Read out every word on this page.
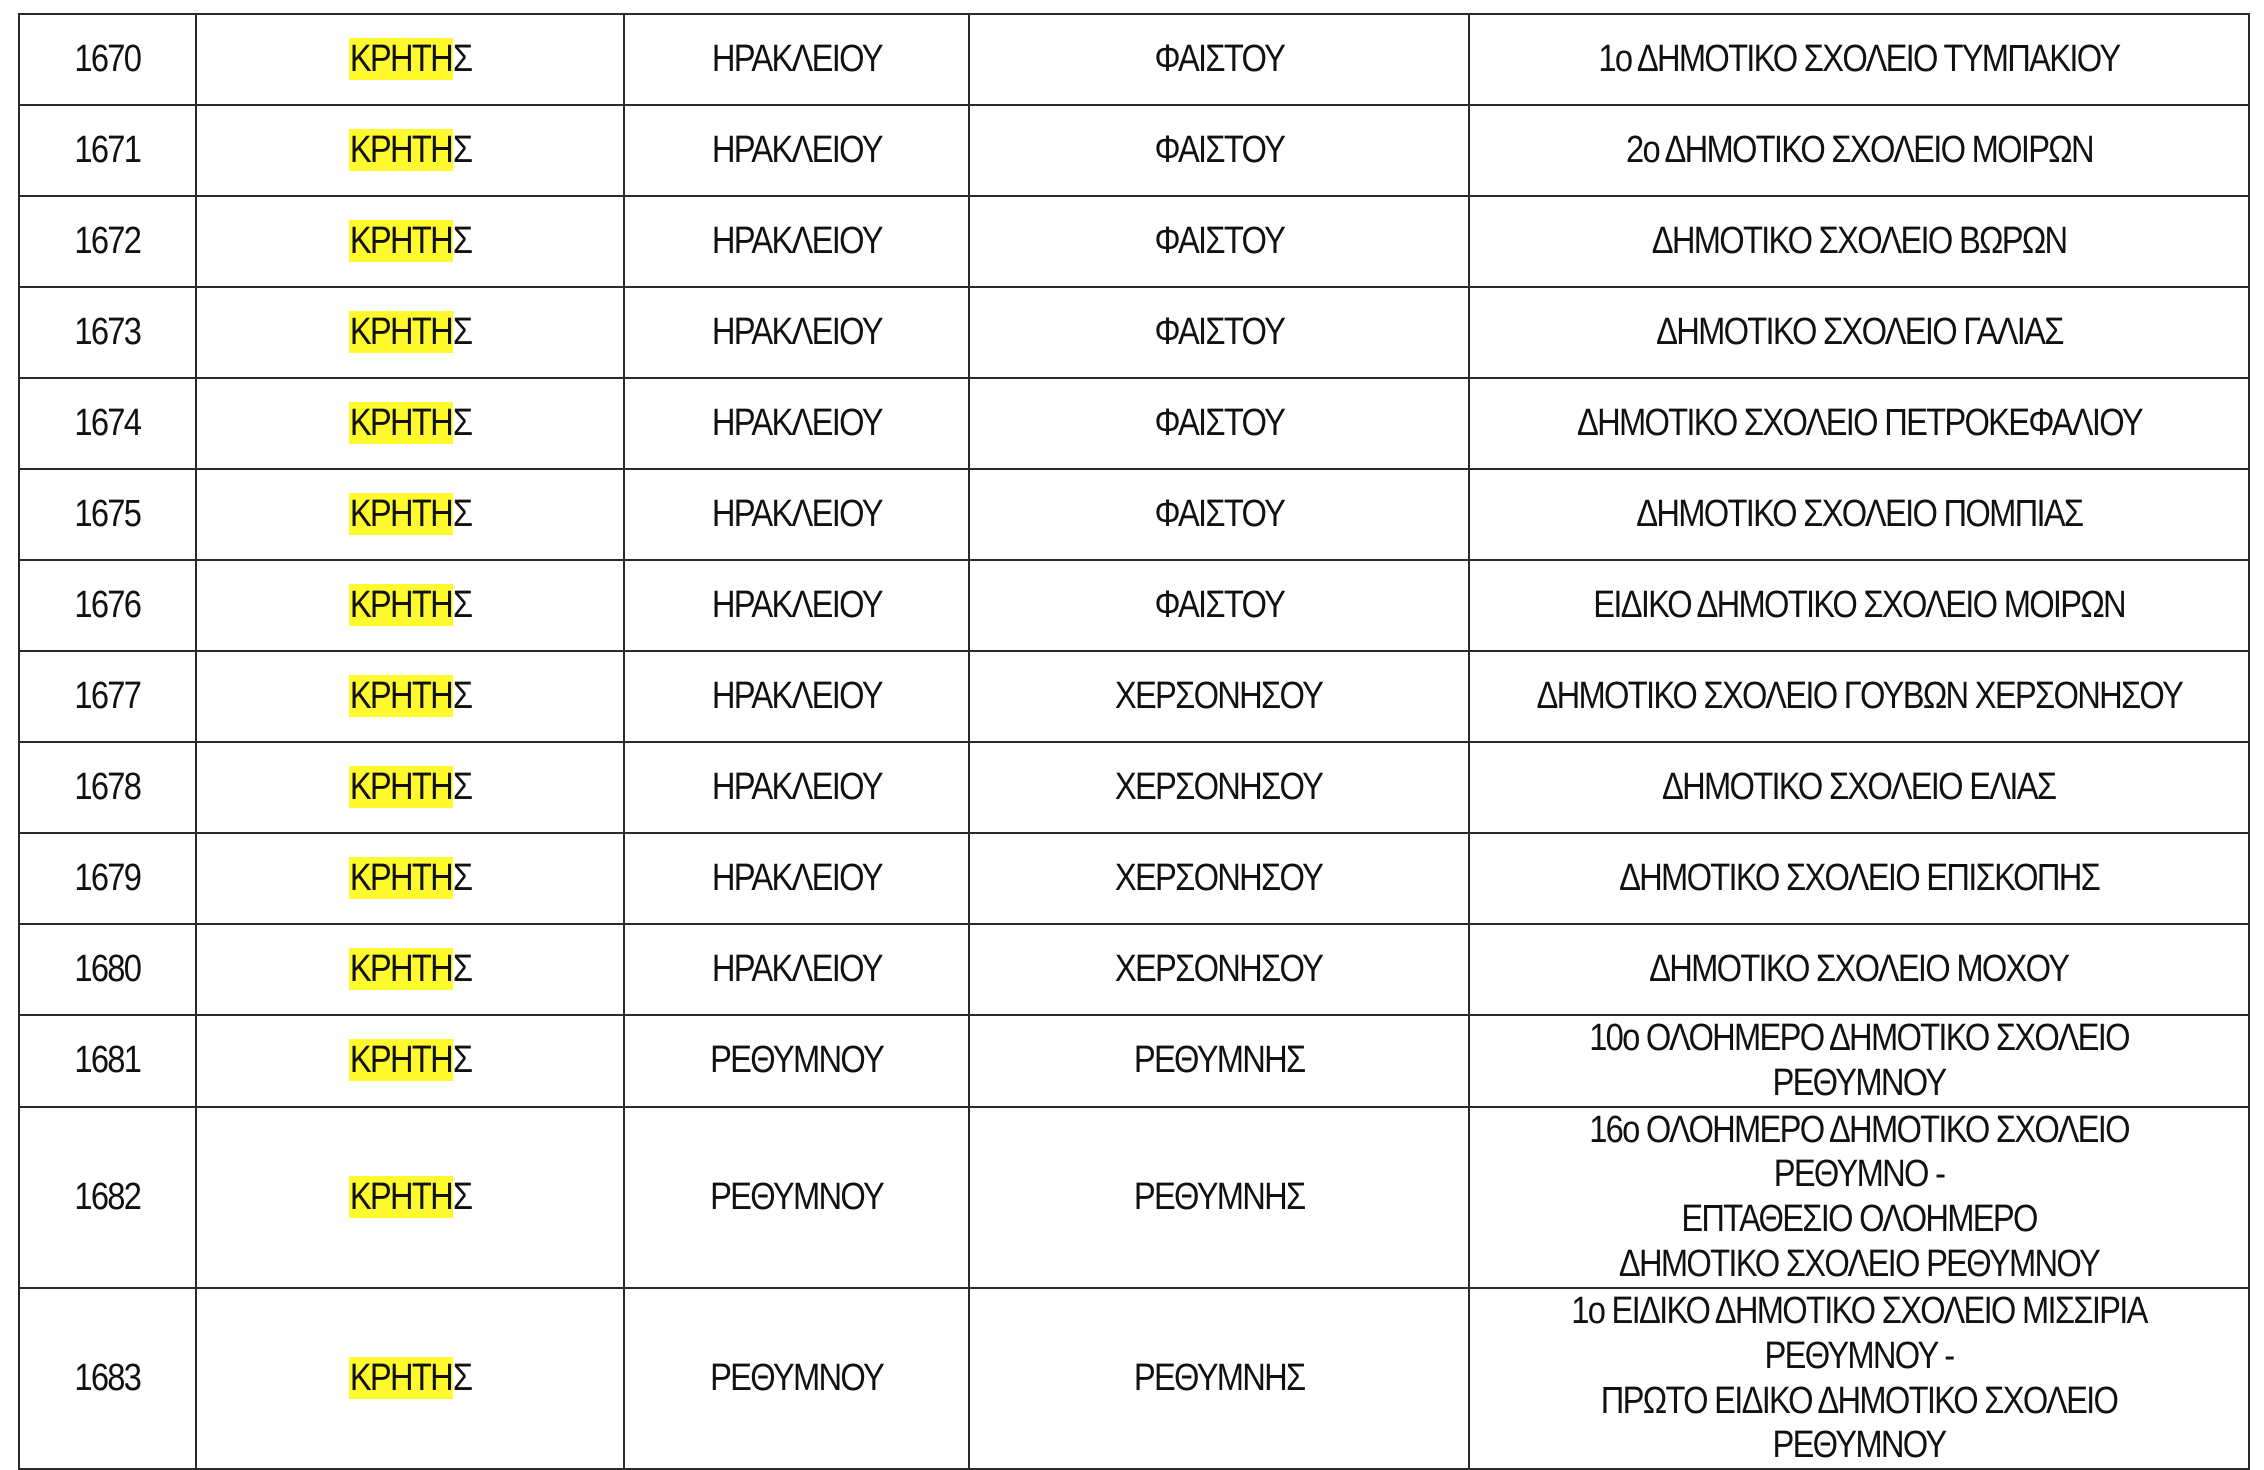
1670	ΚΡΗΤΗΣ	ΗΡΑΚΛΕΙΟΥ	ΦΑΙΣΤΟΥ	1ο ΔΗΜΟΤΙΚΟ ΣΧΟΛΕΙΟ ΤΥΜΠΑΚΙΟΥ
1671	ΚΡΗΤΗΣ	ΗΡΑΚΛΕΙΟΥ	ΦΑΙΣΤΟΥ	2ο ΔΗΜΟΤΙΚΟ ΣΧΟΛΕΙΟ ΜΟΙΡΩΝ
1672	ΚΡΗΤΗΣ	ΗΡΑΚΛΕΙΟΥ	ΦΑΙΣΤΟΥ	ΔΗΜΟΤΙΚΟ ΣΧΟΛΕΙΟ ΒΩΡΩΝ
1673	ΚΡΗΤΗΣ	ΗΡΑΚΛΕΙΟΥ	ΦΑΙΣΤΟΥ	ΔΗΜΟΤΙΚΟ ΣΧΟΛΕΙΟ ΓΑΛΙΑΣ
1674	ΚΡΗΤΗΣ	ΗΡΑΚΛΕΙΟΥ	ΦΑΙΣΤΟΥ	ΔΗΜΟΤΙΚΟ ΣΧΟΛΕΙΟ ΠΕΤΡΟΚΕΦΑΛΙΟΥ
1675	ΚΡΗΤΗΣ	ΗΡΑΚΛΕΙΟΥ	ΦΑΙΣΤΟΥ	ΔΗΜΟΤΙΚΟ ΣΧΟΛΕΙΟ ΠΟΜΠΙΑΣ
1676	ΚΡΗΤΗΣ	ΗΡΑΚΛΕΙΟΥ	ΦΑΙΣΤΟΥ	ΕΙΔΙΚΟ ΔΗΜΟΤΙΚΟ ΣΧΟΛΕΙΟ ΜΟΙΡΩΝ
1677	ΚΡΗΤΗΣ	ΗΡΑΚΛΕΙΟΥ	ΧΕΡΣΟΝΗΣΟΥ	ΔΗΜΟΤΙΚΟ ΣΧΟΛΕΙΟ ΓΟΥΒΩΝ ΧΕΡΣΟΝΗΣΟΥ
1678	ΚΡΗΤΗΣ	ΗΡΑΚΛΕΙΟΥ	ΧΕΡΣΟΝΗΣΟΥ	ΔΗΜΟΤΙΚΟ ΣΧΟΛΕΙΟ ΕΛΙΑΣ
1679	ΚΡΗΤΗΣ	ΗΡΑΚΛΕΙΟΥ	ΧΕΡΣΟΝΗΣΟΥ	ΔΗΜΟΤΙΚΟ ΣΧΟΛΕΙΟ ΕΠΙΣΚΟΠΗΣ
1680	ΚΡΗΤΗΣ	ΗΡΑΚΛΕΙΟΥ	ΧΕΡΣΟΝΗΣΟΥ	ΔΗΜΟΤΙΚΟ ΣΧΟΛΕΙΟ ΜΟΧΟΥ
1681	ΚΡΗΤΗΣ	ΡΕΘΥΜΝΟΥ	ΡΕΘΥΜΝΗΣ	10ο ΟΛΟΗΜΕΡΟ ΔΗΜΟΤΙΚΟ ΣΧΟΛΕΙΟ ΡΕΘΥΜΝΟΥ
1682	ΚΡΗΤΗΣ	ΡΕΘΥΜΝΟΥ	ΡΕΘΥΜΝΗΣ	16ο ΟΛΟΗΜΕΡΟ ΔΗΜΟΤΙΚΟ ΣΧΟΛΕΙΟ ΡΕΘΥΜΝΟ -
ΕΠΤΑΘΕΣΙΟ ΟΛΟΗΜΕΡΟ
ΔΗΜΟΤΙΚΟ ΣΧΟΛΕΙΟ ΡΕΘΥΜΝΟΥ
1683	ΚΡΗΤΗΣ	ΡΕΘΥΜΝΟΥ	ΡΕΘΥΜΝΗΣ	1ο ΕΙΔΙΚΟ ΔΗΜΟΤΙΚΟ ΣΧΟΛΕΙΟ ΜΙΣΣΙΡΙΑ ΡΕΘΥΜΝΟΥ -
ΠΡΩΤΟ ΕΙΔΙΚΟ ΔΗΜΟΤΙΚΟ ΣΧΟΛΕΙΟ ΡΕΘΥΜΝΟΥ
